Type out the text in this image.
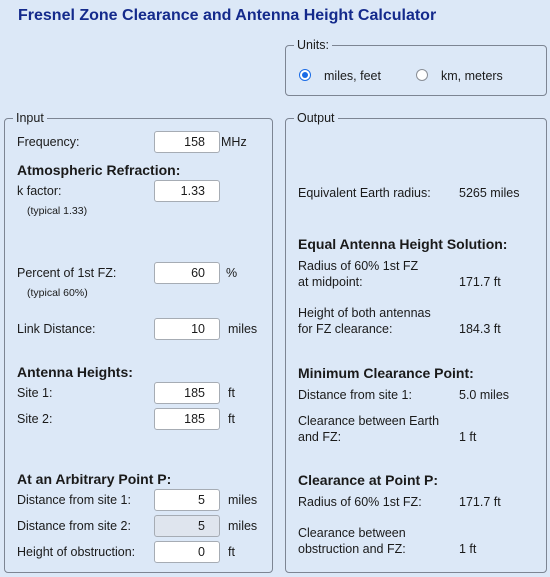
Fresnel Zone Clearance and Antenna Height Calculator
Units:
miles, feet	km, meters
Input
Frequency:	158	MHz
Atmospheric Refraction:
k factor:	1.33
(typical 1.33)
Percent of 1st FZ:	60	%
(typical 60%)
Link Distance:	10	miles
Antenna Heights:
Site 1:	185	ft
Site 2:	185	ft
At an Arbitrary Point P:
Distance from site 1:	5	miles
Distance from site 2:	5	miles
Height of obstruction:	0	ft
Output
Equivalent Earth radius: 5265 miles
Equal Antenna Height Solution:
Radius of 60% 1st FZ
at midpoint:	171.7 ft
Height of both antennas
for FZ clearance:	184.3 ft
Minimum Clearance Point:
Distance from site 1:	5.0 miles
Clearance between Earth
and FZ:	1 ft
Clearance at Point P:
Radius of 60% 1st FZ:	171.7 ft
Clearance between
obstruction and FZ:	1 ft
